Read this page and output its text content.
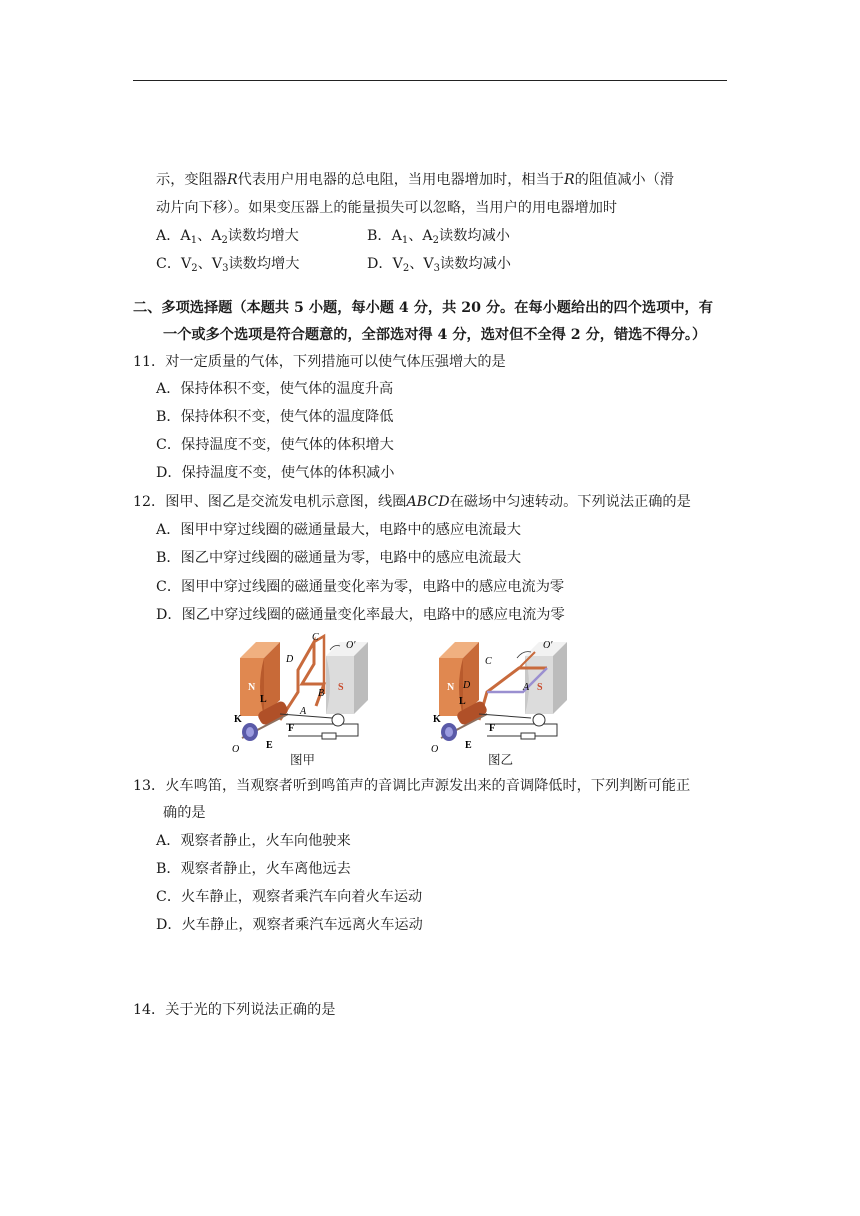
示，变阻器R代表用户用电器的总电阻，当用电器增加时，相当于R的阻值减小（滑
动片向下移）。如果变压器上的能量损失可以忽略，当用户的用电器增加时
A．$A_1$、$A_2$读数均增大	B．$A_1$、$A_2$读数均减小
C．$V_2$、$V_3$读数均增大	D．$V_2$、$V_3$读数均减小
二、多项选择题（本题共 5 小题，每小题 4 分，共 20 分。在每小题给出的四个选项中，有
一个或多个选项是符合题意的，全部选对得 4 分，选对但不全得 2 分，错选不得分。）
11．对一定质量的气体，下列措施可以使气体压强增大的是
A．保持体积不变，使气体的温度升高
B．保持体积不变，使气体的温度降低
C．保持温度不变，使气体的体积增大
D．保持温度不变，使气体的体积减小
12．图甲、图乙是交流发电机示意图，线圈ABCD在磁场中匀速转动。下列说法正确的是
A．图甲中穿过线圈的磁通量最大，电路中的感应电流最大
B．图乙中穿过线圈的磁通量为零，电路中的感应电流最大
C．图甲中穿过线圈的磁通量变化率为零，电路中的感应电流为零
D．图乙中穿过线圈的磁通量变化率最大，电路中的感应电流为零
N	S
C
D
O′
L
B
A
K
F
O	E
图甲
N	S
C
D
O′
L
A
K
F
O	E
图乙
13．火车鸣笛，当观察者听到鸣笛声的音调比声源发出来的音调降低时，下列判断可能正
确的是
A．观察者静止，火车向他驶来
B．观察者静止，火车离他远去
C．火车静止，观察者乘汽车向着火车运动
D．火车静止，观察者乘汽车远离火车运动
14．关于光的下列说法正确的是
